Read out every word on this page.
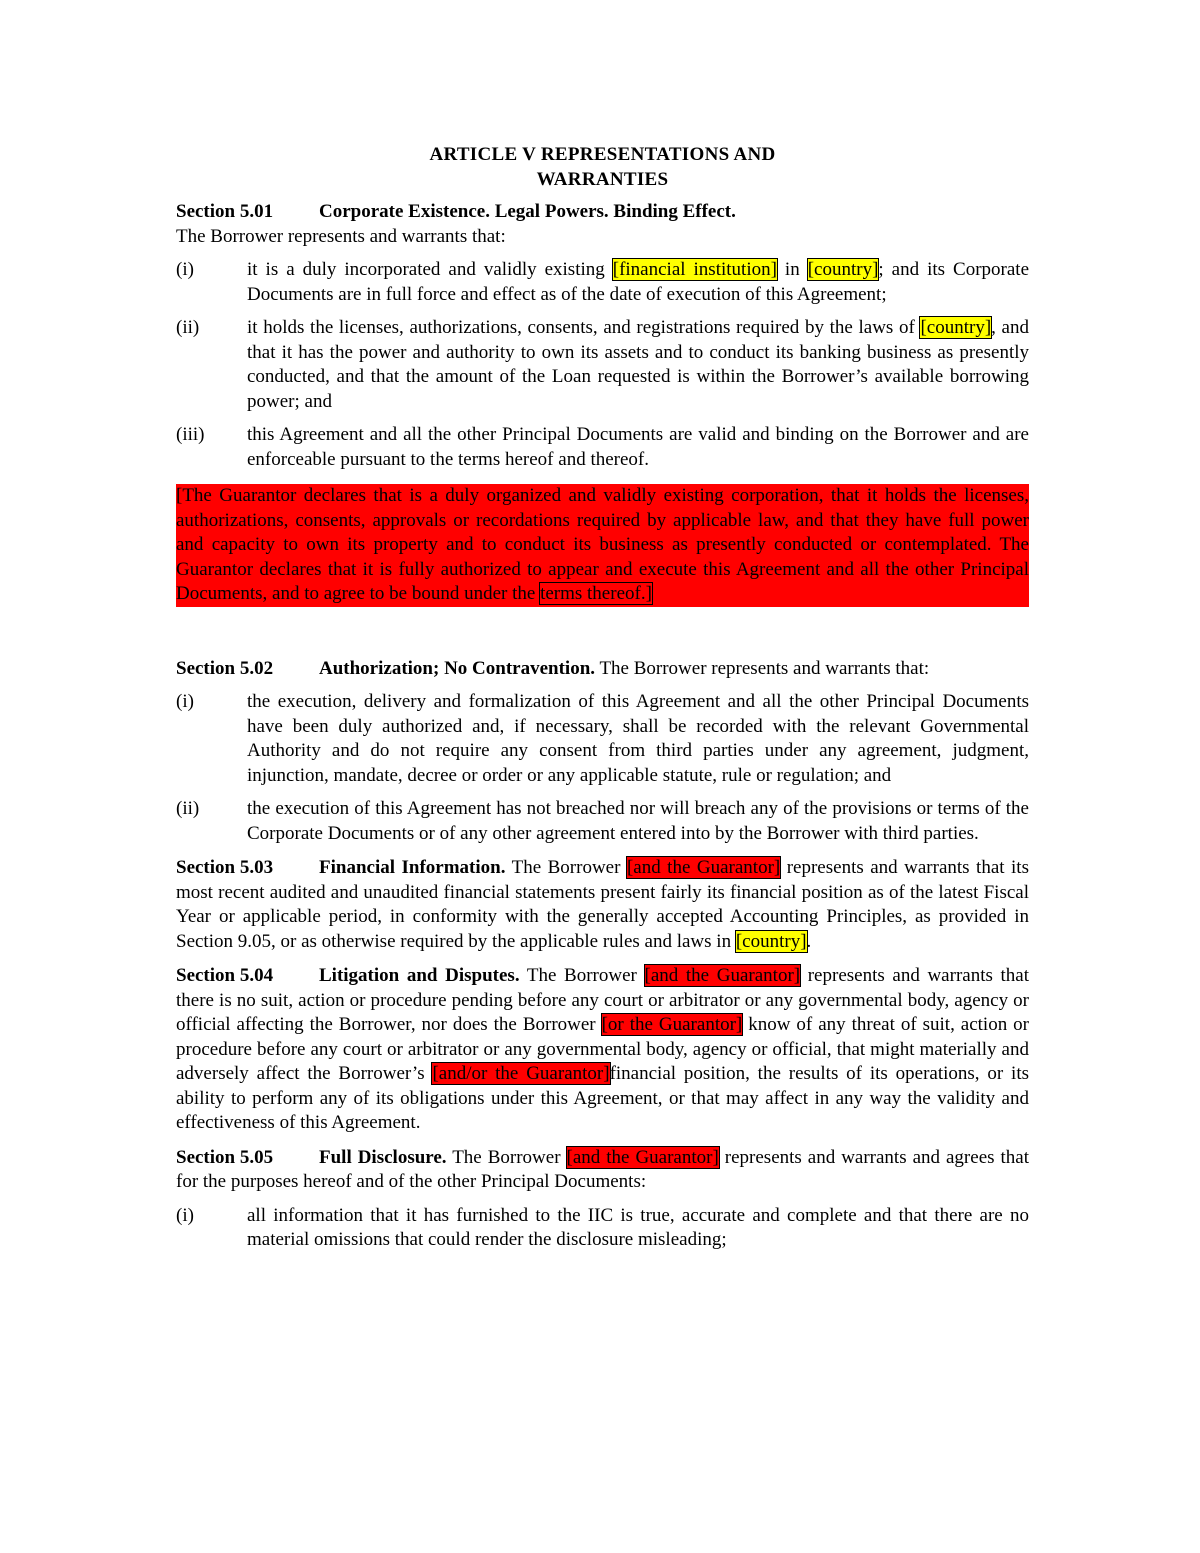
ARTICLE V REPRESENTATIONS AND
WARRANTIES

Section 5.01 Corporate Existence. Legal Powers. Binding Effect.

The Borrower represents and warrants that:

(i)	it is a duly incorporated and validly existing [financial institution] in [country]; and its Corporate Documents are in full force and effect as of the date of execution of this Agreement;
(ii)	it holds the licenses, authorizations, consents, and registrations required by the laws of [country], and that it has the power and authority to own its assets and to conduct its banking business as presently conducted, and that the amount of the Loan requested is within the Borrower’s available borrowing power; and
(iii)	this Agreement and all the other Principal Documents are valid and binding on the Borrower and are enforceable pursuant to the terms hereof and thereof.

[The Guarantor declares that is a duly organized and validly existing corporation, that it holds the licenses, authorizations, consents, approvals or recordations required by applicable law, and that they have full power and capacity to own its property and to conduct its business as presently conducted or contemplated. The Guarantor declares that it is fully authorized to appear and execute this Agreement and all the other Principal Documents, and to agree to be bound under the terms thereof.]

Section 5.02 Authorization; No Contravention. The Borrower represents and warrants that:

(i)	the execution, delivery and formalization of this Agreement and all the other Principal Documents have been duly authorized and, if necessary, shall be recorded with the relevant Governmental Authority and do not require any consent from third parties under any agreement, judgment, injunction, mandate, decree or order or any applicable statute, rule or regulation; and
(ii)	the execution of this Agreement has not breached nor will breach any of the provisions or terms of the Corporate Documents or of any other agreement entered into by the Borrower with third parties.

Section 5.03 Financial Information. The Borrower [and the Guarantor] represents and warrants that its most recent audited and unaudited financial statements present fairly its financial position as of the latest Fiscal Year or applicable period, in conformity with the generally accepted Accounting Principles, as provided in Section 9.05, or as otherwise required by the applicable rules and laws in [country].

Section 5.04 Litigation and Disputes. The Borrower [and the Guarantor] represents and warrants that there is no suit, action or procedure pending before any court or arbitrator or any governmental body, agency or official affecting the Borrower, nor does the Borrower [or the Guarantor] know of any threat of suit, action or procedure before any court or arbitrator or any governmental body, agency or official, that might materially and adversely affect the Borrower’s [and/or the Guarantor]financial position, the results of its operations, or its ability to perform any of its obligations under this Agreement, or that may affect in any way the validity and effectiveness of this Agreement.

Section 5.05 Full Disclosure. The Borrower [and the Guarantor] represents and warrants and agrees that for the purposes hereof and of the other Principal Documents:

(i)	all information that it has furnished to the IIC is true, accurate and complete and that there are no material omissions that could render the disclosure misleading;
